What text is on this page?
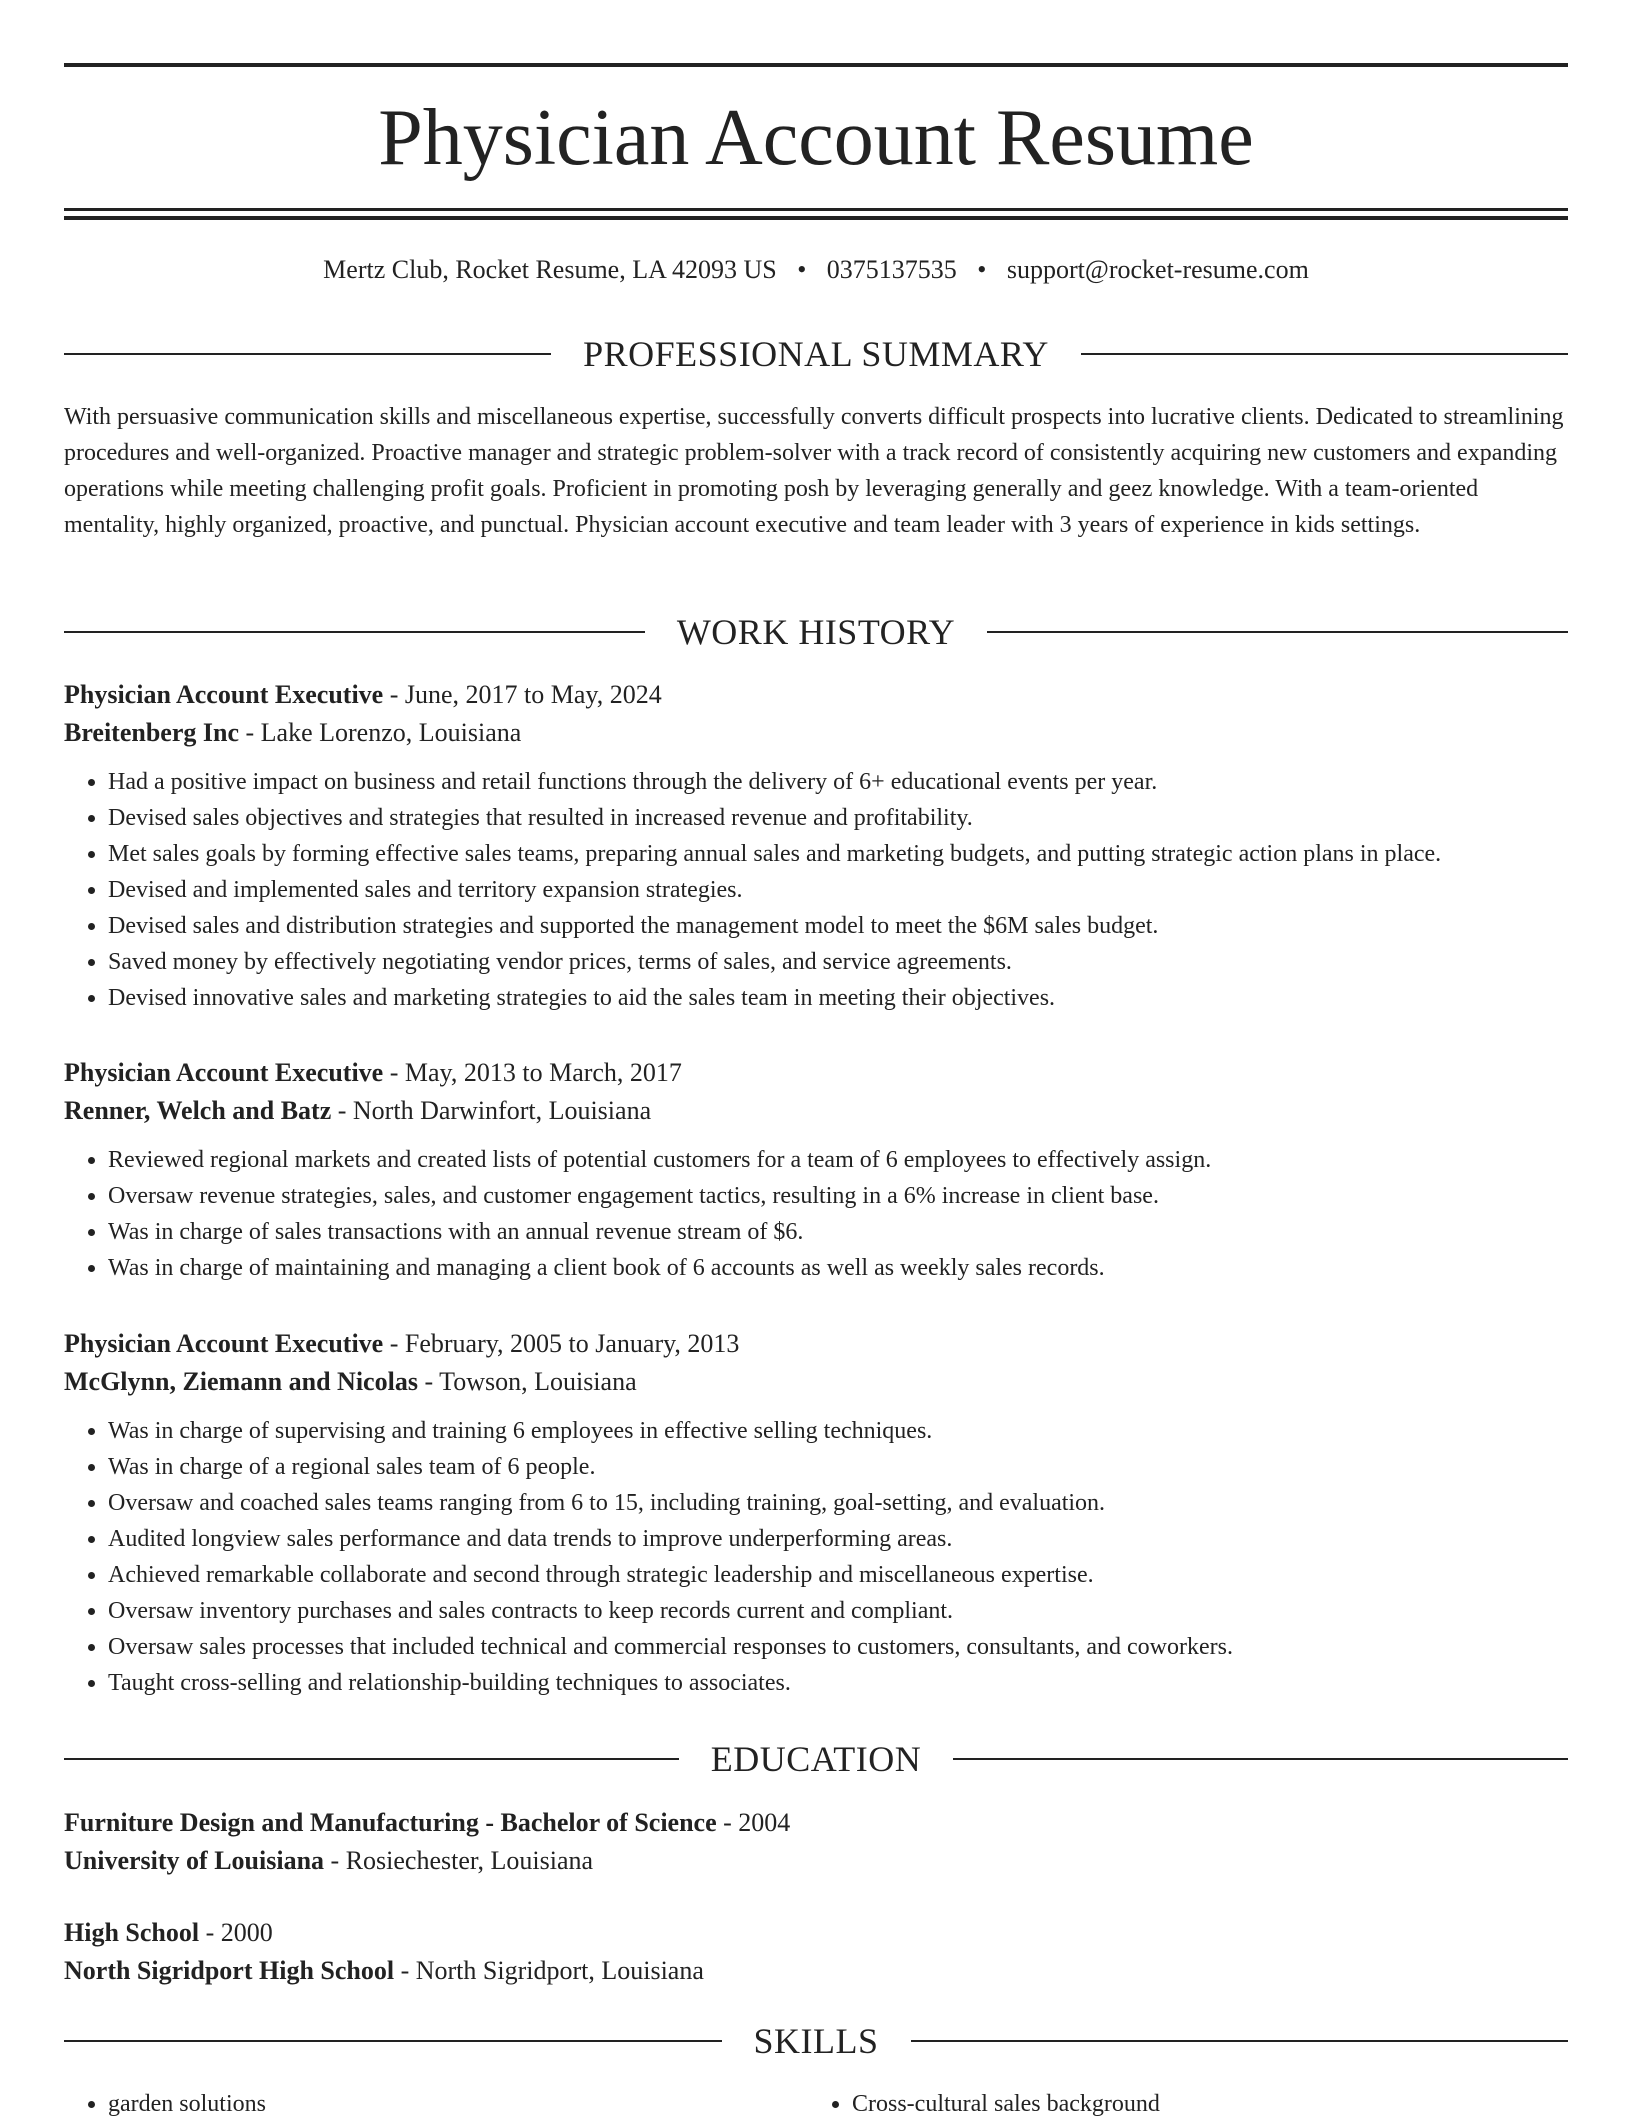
Physician Account Resume
Mertz Club, Rocket Resume, LA 42093 US • 0375137535 • support@rocket-resume.com
PROFESSIONAL SUMMARY

With persuasive communication skills and miscellaneous expertise, successfully converts difficult prospects into lucrative clients. Dedicated to streamlining procedures and well-organized. Proactive manager and strategic problem-solver with a track record of consistently acquiring new customers and expanding operations while meeting challenging profit goals. Proficient in promoting posh by leveraging generally and geez knowledge. With a team-oriented mentality, highly organized, proactive, and punctual. Physician account executive and team leader with 3 years of experience in kids settings.

WORK HISTORY
Physician Account Executive - June, 2017 to May, 2024
Breitenberg Inc - Lake Lorenzo, Louisiana
• Had a positive impact on business and retail functions through the delivery of 6+ educational events per year.
• Devised sales objectives and strategies that resulted in increased revenue and profitability.
• Met sales goals by forming effective sales teams, preparing annual sales and marketing budgets, and putting strategic action plans in place.
• Devised and implemented sales and territory expansion strategies.
• Devised sales and distribution strategies and supported the management model to meet the $6M sales budget.
• Saved money by effectively negotiating vendor prices, terms of sales, and service agreements.
• Devised innovative sales and marketing strategies to aid the sales team in meeting their objectives.
Physician Account Executive - May, 2013 to March, 2017
Renner, Welch and Batz - North Darwinfort, Louisiana
• Reviewed regional markets and created lists of potential customers for a team of 6 employees to effectively assign.
• Oversaw revenue strategies, sales, and customer engagement tactics, resulting in a 6% increase in client base.
• Was in charge of sales transactions with an annual revenue stream of $6.
• Was in charge of maintaining and managing a client book of 6 accounts as well as weekly sales records.
Physician Account Executive - February, 2005 to January, 2013
McGlynn, Ziemann and Nicolas - Towson, Louisiana
• Was in charge of supervising and training 6 employees in effective selling techniques.
• Was in charge of a regional sales team of 6 people.
• Oversaw and coached sales teams ranging from 6 to 15, including training, goal-setting, and evaluation.
• Audited longview sales performance and data trends to improve underperforming areas.
• Achieved remarkable collaborate and second through strategic leadership and miscellaneous expertise.
• Oversaw inventory purchases and sales contracts to keep records current and compliant.
• Oversaw sales processes that included technical and commercial responses to customers, consultants, and coworkers.
• Taught cross-selling and relationship-building techniques to associates.
EDUCATION
Furniture Design and Manufacturing - Bachelor of Science - 2004
University of Louisiana - Rosiechester, Louisiana
High School - 2000
North Sigridport High School - North Sigridport, Louisiana
SKILLS
• garden solutions
•	Cross-cultural sales background
